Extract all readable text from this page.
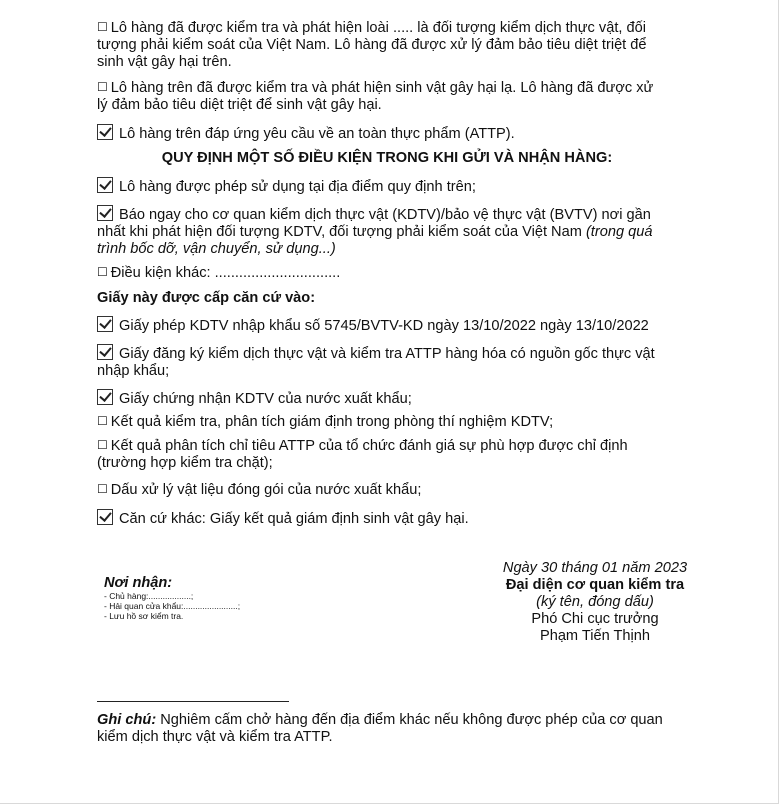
☐ Lô hàng đã được kiểm tra và phát hiện loài ..... là đối tượng kiểm dịch thực vật, đối
tượng phải kiểm soát của Việt Nam. Lô hàng đã được xử lý đảm bảo tiêu diệt triệt để
sinh vật gây hại trên.
☐ Lô hàng trên đã được kiểm tra và phát hiện sinh vật gây hại lạ. Lô hàng đã được xử
lý đảm bảo tiêu diệt triệt để sinh vật gây hại.
Lô hàng trên đáp ứng yêu cầu về an toàn thực phẩm (ATTP).
QUY ĐỊNH MỘT SỐ ĐIỀU KIỆN TRONG KHI GỬI VÀ NHẬN HÀNG:
Lô hàng được phép sử dụng tại địa điểm quy định trên;
Báo ngay cho cơ quan kiểm dịch thực vật (KDTV)/bảo vệ thực vật (BVTV) nơi gần
nhất khi phát hiện đối tượng KDTV, đối tượng phải kiểm soát của Việt Nam (trong quá
trình bốc dỡ, vận chuyển, sử dụng...)
☐ Điều kiện khác: ...............................
Giấy này được cấp căn cứ vào:
Giấy phép KDTV nhập khẩu số 5745/BVTV-KD ngày 13/10/2022 ngày 13/10/2022
Giấy đăng ký kiểm dịch thực vật và kiểm tra ATTP hàng hóa có nguồn gốc thực vật
nhập khẩu;
Giấy chứng nhận KDTV của nước xuất khẩu;
☐ Kết quả kiểm tra, phân tích giám định trong phòng thí nghiệm KDTV;
☐ Kết quả phân tích chỉ tiêu ATTP của tổ chức đánh giá sự phù hợp được chỉ định
(trường hợp kiểm tra chặt);
☐ Dấu xử lý vật liệu đóng gói của nước xuất khẩu;
Căn cứ khác: Giấy kết quả giám định sinh vật gây hại.
Nơi nhận:
- Chủ hàng:..................;
- Hải quan cửa khẩu:.......................;
- Lưu hồ sơ kiểm tra.
Ngày 30 tháng 01 năm 2023
Đại diện cơ quan kiểm tra
(ký tên, đóng dấu)
Phó Chi cục trưởng
Phạm Tiến Thịnh
Ghi chú: Nghiêm cấm chở hàng đến địa điểm khác nếu không được phép của cơ quan
kiểm dịch thực vật và kiểm tra ATTP.
